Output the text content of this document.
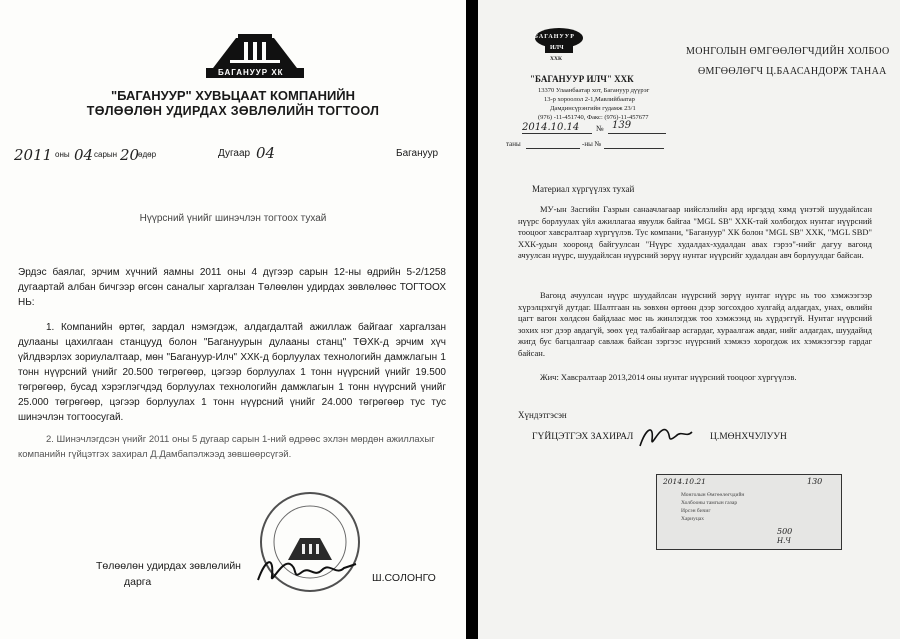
БАГАНУУР ХК
"БАГАНУУР" ХУВЬЦААТ КОМПАНИЙН
ТӨЛӨӨЛӨН УДИРДАХ ЗӨВЛӨЛИЙН ТОГТООЛ
2011 оны 04 сарын 20
өдөр	Дугаар 04	Багануур
Нүүрсний үнийг шинэчлэн тогтоох тухай
Эрдэс баялаг, эрчим хүчний яамны 2011 оны 4 дүгээр сарын 12-ны өдрийн 5-2/1258 дугаартай албан бичгээр өгсөн саналыг харгалзан Төлөөлөн удирдах зөвлөлөөс ТОГТООХ НЬ:
1. Компанийн өртөг, зардал нэмэгдэж, алдагдалтай ажиллаж байгааг харгалзан дулааны цахилгаан станцууд болон "Багануурын дулааны станц" ТӨХК-д эрчим хүч үйлдвэрлэх зориулалтаар, мөн "Багануур-Илч" ХХК-д борлуулах технологийн дамжлагын 1 тонн нүүрсний үнийг 20.500 төгрөгөөр, цэгээр борлуулах 1 тонн нүүрсний үнийг 19.500 төгрөгөөр, бусад хэрэглэгчдэд борлуулах технологийн дамжлагын 1 тонн нүүрсний үнийг 25.000 төгрөгөөр, цэгээр борлуулах 1 тонн нүүрсний үнийг 24.000 төгрөгөөр тус тус шинэчлэн тогтоосугай.
2. Шинэчлэгдсэн үнийг 2011 оны 5 дугаар сарын 1-ний өдрөөс эхлэн мөрдөн ажиллахыг компанийн гүйцэтгэх захирал Д.Дамбапэлжээд зөвшөөрсүгэй.
Төлөөлөн удирдах зөвлөлийн
дарга	Ш.СОЛОНГО
БАГАНУУР
ИЛЧ
ХХК
МОНГОЛЫН ӨМГӨӨЛӨГЧДИЙН ХОЛБОО
ӨМГӨӨЛӨГЧ Ц.БААСАНДОРЖ ТАНАА
"БАГАНУУР ИЛЧ" ХХК
13370 Улаанбаатар хот, Багануур дүүрэг
13-р хороолол 2-1,Мавлийбаатар
Дамдинсүрэнгийн гудамж 23/1
(976) -11-451740, Факс: (976)-11-457677
2014.10.14 № 139
таны	-ны №
Материал хүргүүлэх тухай
МУ-ын Засгийн Газрын санаачлагаар нийслэлийн ард иргэдэд хямд үнэтэй шуудайлсан нүүрс борлуулах үйл ажиллагаа явуулж байгаа "MGL SB" ХХК-тай холбогдох нунтаг нүүрсний тооцоог хавсралтаар хүргүүлэв. Тус компани, "Багануур" ХК болон "MGL SB" ХХК, "MGL SBD" ХХК-удын хооронд байгуулсан "Нүүрс худалдах-худалдан авах гэрээ"-нийг дагуу вагонд ачуулсан нүүрс, шуудайлсан нүүрсний зөрүү нунтаг нүүрсийг худалдан авч борлуулдаг байсан.
Вагонд ачуулсан нүүрс шуудайлсан нүүрсний зөрүү нунтаг нүүрс нь тоо хэмжээгээр хүрэлцэхгүй дутдаг. Шалтгаан нь зөвхөн өртөөн дээр зогсохдоо хулгайд алдагдах, унах, өвлийн цагт вагон хөлдсөн байдлаас мөс нь жинлэгдэж тоо хэмжээнд нь хүрдэггүй. Нунтаг нүүрсний зохих нэг дээр авдагүй, зөөх үед талбайгаар асгардаг, хураалгаж авдаг, нийг алдагдах, шуудайнд жигд бус багцалгаар савлаж байсан зэргээс нүүрсний хэмжээ хорогдож их хэмжээгээр гардаг байсан.
Жич: Хавсралтаар 2013,2014 оны нунтаг нүүрсний тооцоог хүргүүлэв.
Хүндэтгэсэн
ГҮЙЦЭТГЭХ ЗАХИРАЛ	Ц.МӨНХЧУЛУУН
2014.10.21	130
Монголын Өмгөөлөгчдийн
Холбооны тамгын газар
Ирсэн бичиг
Хариуцах
500
Н.Ч
